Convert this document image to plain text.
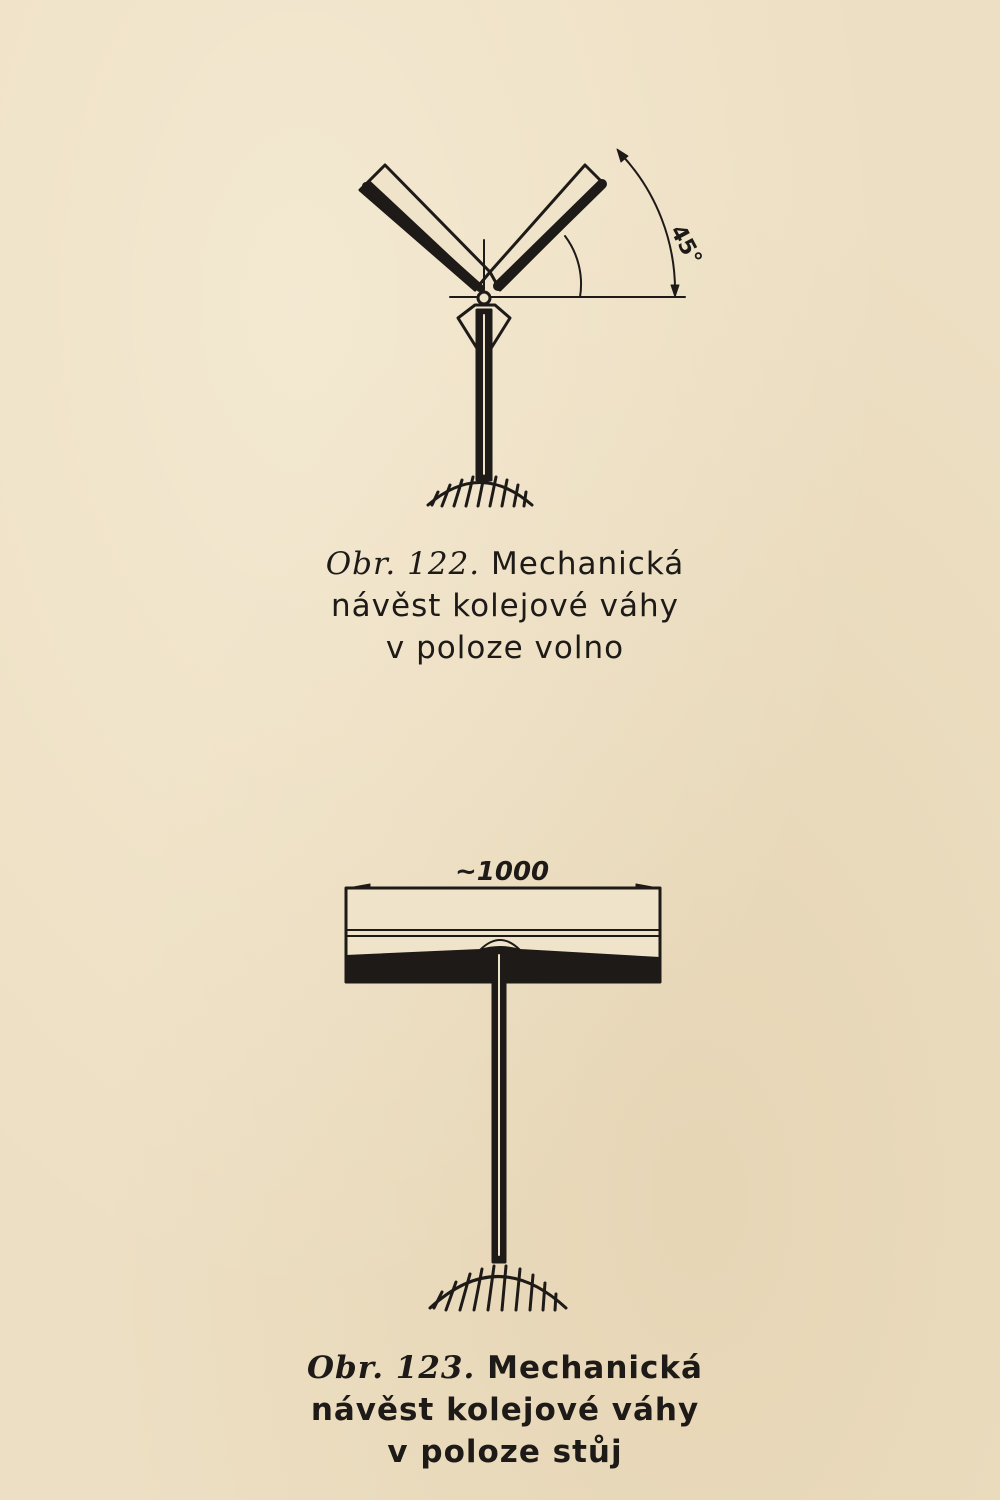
45°
Obr. 122. Mechanická
návěst kolejové váhy
v poloze volno
~1000
Obr. 123. Mechanická
návěst kolejové váhy
v poloze stůj
